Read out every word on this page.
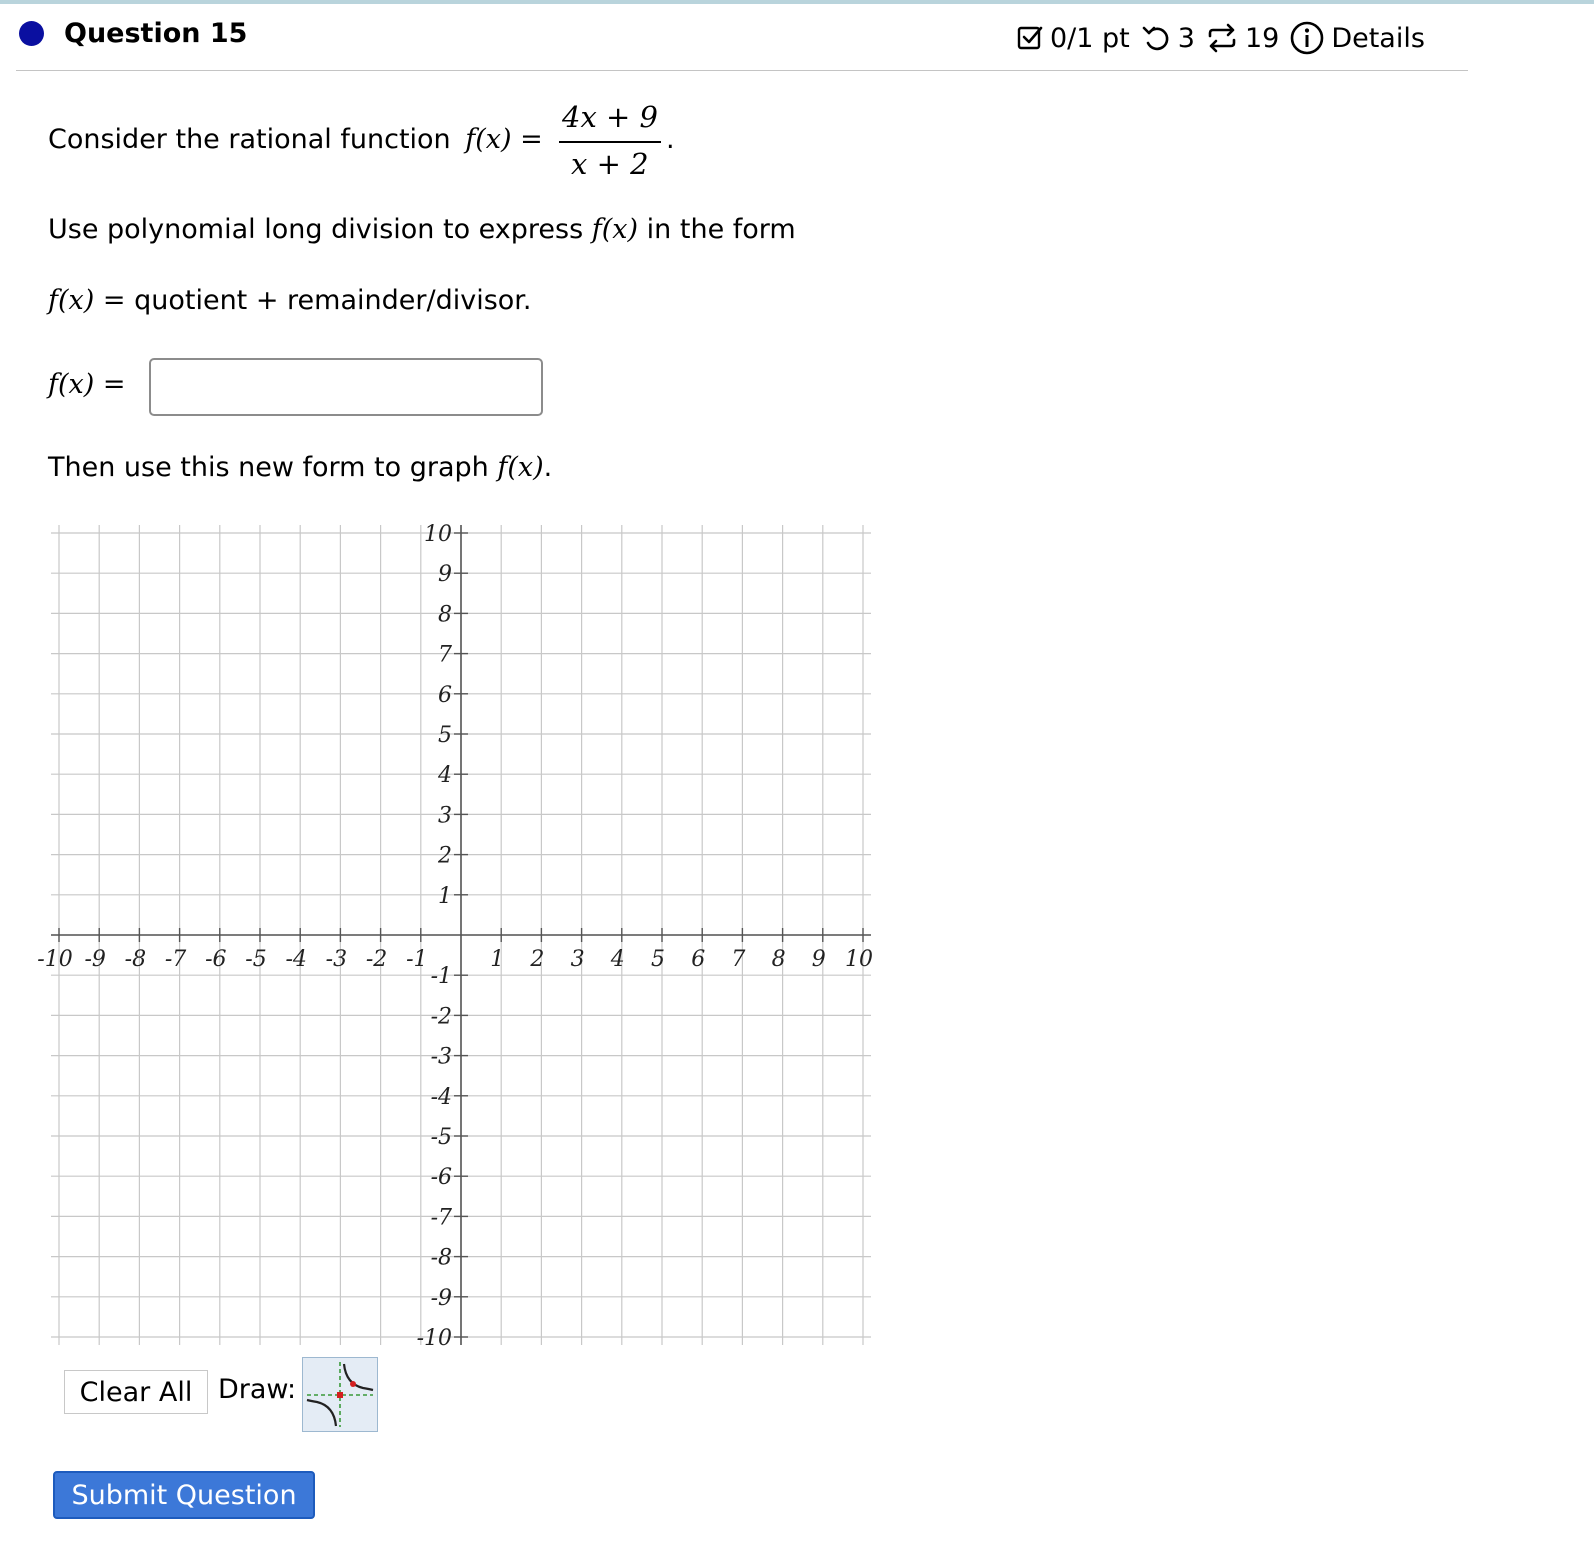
Question 15	0/1 pt 3 19 Details
Consider the rational function f(x) =
4x + 9
x + 2
.
Use polynomial long division to express f(x) in the form
f(x) = quotient + remainder/divisor.
f(x) =
Then use this new form to graph f(x).
-10 -9 -8 -7 -6 -5 -4 -3 -2 -1	1 2 3 4 5 6 7 8 9 10
10
9
8
7
6
5
4
3
2
1
-1
-2
-3
-4
-5
-6
-7
-8
-9
-10
Clear All Draw:
Submit Question
